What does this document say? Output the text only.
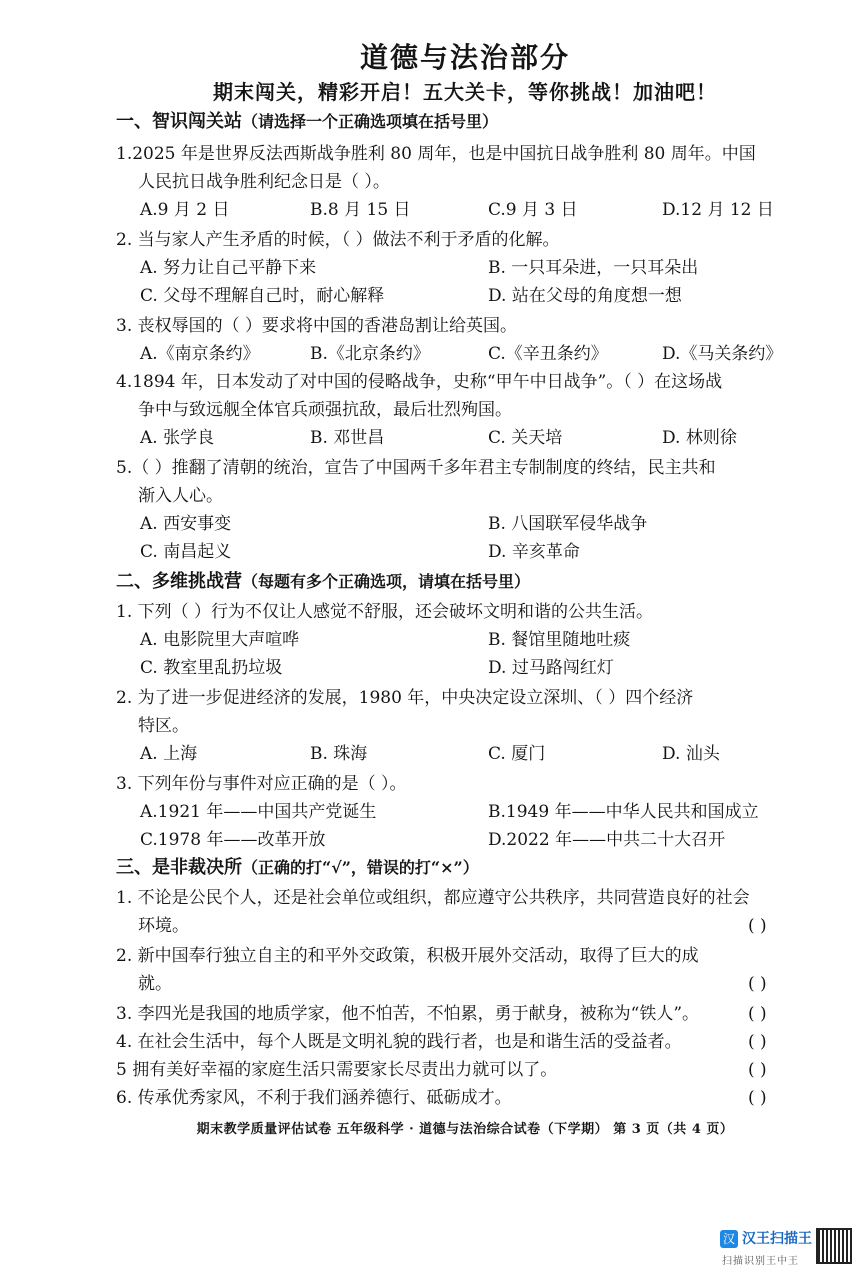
道德与法治部分
期末闯关，精彩开启！五大关卡，等你挑战！加油吧！
一、智识闯关站（请选择一个正确选项填在括号里）
1.2025 年是世界反法西斯战争胜利 80 周年，也是中国抗日战争胜利 80 周年。中国
人民抗日战争胜利纪念日是（ ）。
A.9 月 2 日	B.8 月 15 日	C.9 月 3 日	D.12 月 12 日
2. 当与家人产生矛盾的时候，（ ）做法不利于矛盾的化解。
A. 努力让自己平静下来	B. 一只耳朵进，一只耳朵出
C. 父母不理解自己时，耐心解释	D. 站在父母的角度想一想
3. 丧权辱国的（ ）要求将中国的香港岛割让给英国。
A.《南京条约》	B.《北京条约》	C.《辛丑条约》	D.《马关条约》
4.1894 年，日本发动了对中国的侵略战争，史称“甲午中日战争”。（ ）在这场战
争中与致远舰全体官兵顽强抗敌，最后壮烈殉国。
A. 张学良	B. 邓世昌	C. 关天培	D. 林则徐
5.（ ）推翻了清朝的统治，宣告了中国两千多年君主专制制度的终结，民主共和
渐入人心。
A. 西安事变	B. 八国联军侵华战争
C. 南昌起义	D. 辛亥革命
二、多维挑战营（每题有多个正确选项，请填在括号里）
1. 下列（ ）行为不仅让人感觉不舒服，还会破坏文明和谐的公共生活。
A. 电影院里大声喧哗	B. 餐馆里随地吐痰
C. 教室里乱扔垃圾	D. 过马路闯红灯
2. 为了进一步促进经济的发展，1980 年，中央决定设立深圳、（ ）四个经济
特区。
A. 上海	B. 珠海	C. 厦门	D. 汕头
3. 下列年份与事件对应正确的是（ ）。
A.1921 年——中国共产党诞生	B.1949 年——中华人民共和国成立
C.1978 年——改革开放	D.2022 年——中共二十大召开
三、是非裁决所（正确的打“√”，错误的打“×”）
1. 不论是公民个人，还是社会单位或组织，都应遵守公共秩序，共同营造良好的社会
环境。	( )
2. 新中国奉行独立自主的和平外交政策，积极开展外交活动，取得了巨大的成
就。	( )
3. 李四光是我国的地质学家，他不怕苦，不怕累，勇于献身，被称为“铁人”。	( )
4. 在社会生活中，每个人既是文明礼貌的践行者，也是和谐生活的受益者。	( )
5 拥有美好幸福的家庭生活只需要家长尽责出力就可以了。	( )
6. 传承优秀家风，不利于我们涵养德行、砥砺成才。	( )
期末教学质量评估试卷 五年级科学 · 道德与法治综合试卷（下学期） 第 3 页（共 4 页）
汉 汉王扫描王
扫描识别王中王
